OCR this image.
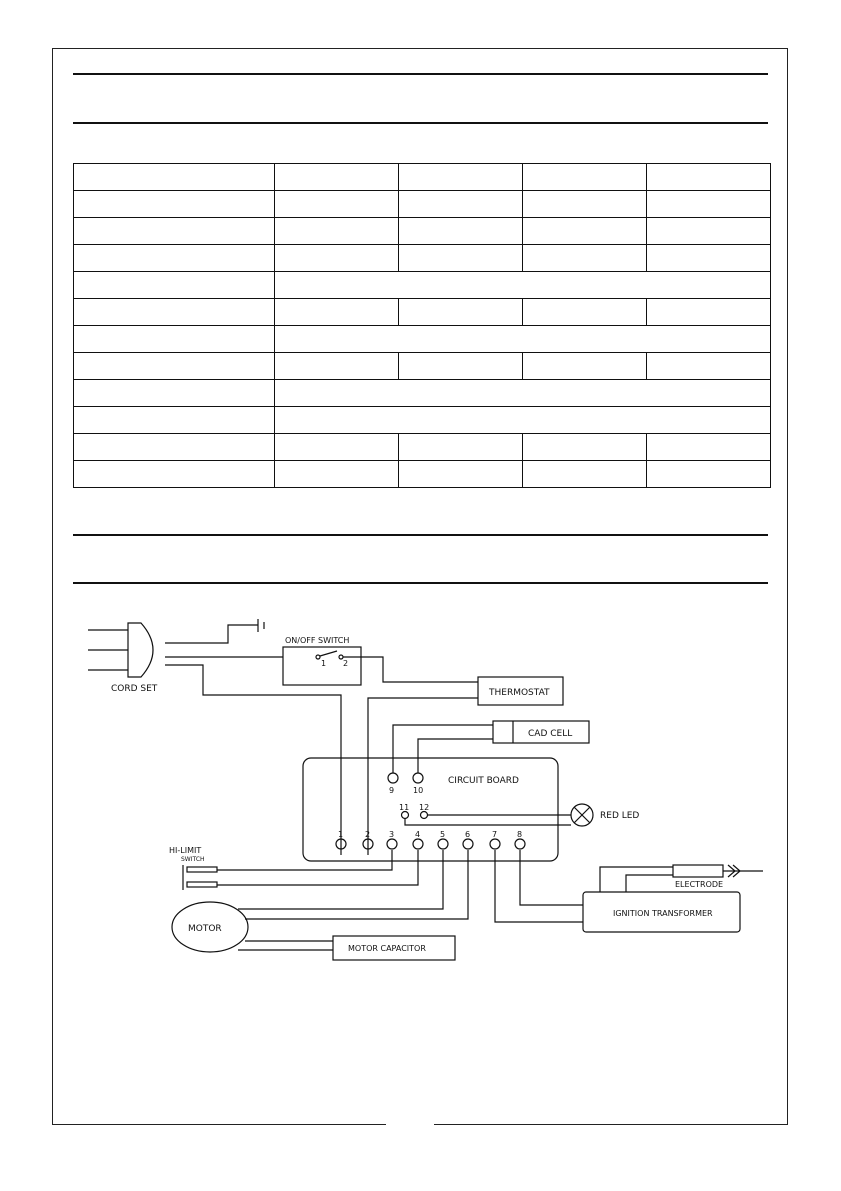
CORD SET
ON/OFF SWITCH
1 2
THERMOSTAT
CAD CELL
CIRCUIT BOARD
9 10
11 12
RED LED
1	2 3	4 5 6	7 8
HI-LIMIT
SWITCH
MOTOR
MOTOR CAPACITOR
IGNITION TRANSFORMER
ELECTRODE
